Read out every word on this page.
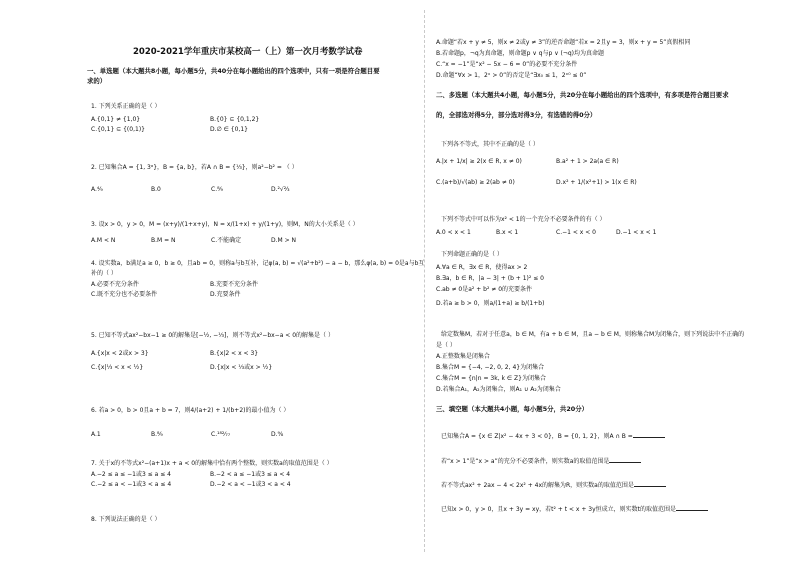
2020-2021学年重庆市某校高一（上）第一次月考数学试卷
一、单选题（本大题共8小题，每小题5分，共40分在每小题给出的四个选项中，只有一项是符合题目要
求的）
1. 下列关系正确的是（ ）
A.{0,1} ≠ {1,0}	B.{0} ⊆ {0,1,2}
C.{0,1} ⊆ {(0,1)}	D.∅ ∈ {0,1}
2. 已知集合A = {1, 3ᵃ}，B = {a, b}，若A ∩ B = {⅓}，则a²−b² = （ ）
A.⁴⁄₉	B.0	C.⁸⁄₉	D.²√²⁄₃
3. 设x > 0，y > 0，M = (x+y)/(1+x+y)，N = x/(1+x) + y/(1+y)，则M，N的大小关系是（ ）
A.M < N	B.M = N	C.不能确定	D.M > N
4. 设实数a，b满足a ≥ 0，b ≥ 0，且ab = 0，则称a与b互补，记φ(a, b) = √(a²+b²) − a − b，那么φ(a, b) = 0是a与b互
补的（ ）
A.必要不充分条件	B.充要不充分条件
C.既不充分也不必要条件	D.充要条件
5. 已知不等式ax²−bx−1 ≥ 0的解集是[−½, −⅓]，则不等式x²−bx−a < 0的解集是（ ）
A.{x|x < 2或x > 3}	B.{x|2 < x < 3}
C.{x|⅓ < x < ½}	D.{x|x < ⅓或x > ½}
6. 若a > 0，b > 0且a + b = 7，则4/(a+2) + 1/(b+2)的最小值为（ ）
A.1	B.⁸⁄₉	C.¹⁸²⁄₇₇	D.⁹⁄₈
7. 关于x的不等式x²−(a+1)x + a < 0的解集中恰有两个整数，则实数a的取值范围是（ ）
A.−2 ≤ a ≤ −1或3 ≤ a ≤ 4	B.−2 < a ≤ −1或3 ≤ a < 4
C.−2 ≤ a < −1或3 < a ≤ 4	D.−2 < a < −1或3 < a < 4
8. 下列说法正确的是（ ）
A.命题“若x + y ≠ 5，则x ≠ 2或y ≠ 3”的逆否命题“若x = 2且y = 3，则x + y = 5”真假相同
B.若命题p，¬q为真命题，则命题p ∨ q与p ∨ (¬q)均为真命题
C.“x = −1”是“x² − 5x − 6 = 0”的必要不充分条件
D.命题“∀x > 1，2ˣ > 0”的否定是“∃x₀ ≤ 1，2ˣ⁰ ≤ 0”
二、多选题（本大题共4小题，每小题5分，共20分在每小题给出的四个选项中，有多项是符合题目要求
的，全部选对得5分，部分选对得3分，有选错的得0分）
下列各不等式，其中不正确的是（ ）
A.|x + 1/x| ≥ 2(x ∈ R, x ≠ 0)	B.a² + 1 > 2a(a ∈ R)
C.(a+b)/√(ab) ≥ 2(ab ≠ 0)	D.x² + 1/(x²+1) > 1(x ∈ R)
下列不等式中可以作为x² < 1的一个充分不必要条件的有（ ）
A.0 < x < 1	B.x < 1	C.−1 < x < 0	D.−1 < x < 1
下列命题正确的是（ ）
A.∀a ∈ R，∃x ∈ R，使得ax > 2
B.∃a，b ∈ R，|a − 3| + (b + 1)² ≤ 0
C.ab ≠ 0是a² + b² ≠ 0的充要条件
D.若a ≥ b > 0，则a/(1+a) ≥ b/(1+b)
给定数集M，若对于任意a，b ∈ M，有a + b ∈ M，且a − b ∈ M，则称集合M为闭集合，则下列说法中不正确的
是（ ）
A.正整数集是闭集合
B.集合M = {−4, −2, 0, 2, 4}为闭集合
C.集合M = {n|n = 3k, k ∈ Z}为闭集合
D.若集合A₁，A₂为闭集合，则A₁ ∪ A₂为闭集合
三、填空题（本大题共4小题，每小题5分，共20分）
已知集合A = {x ∈ Z|x² − 4x + 3 < 0}，B = {0, 1, 2}，则A ∩ B =
若“x > 1”是“x > a”的充分不必要条件，则实数a的取值范围是
若不等式ax² + 2ax − 4 < 2x² + 4x的解集为R，则实数a的取值范围是
已知x > 0，y > 0，且x + 3y = xy，若t² + t < x + 3y恒成立，则实数t的取值范围是
